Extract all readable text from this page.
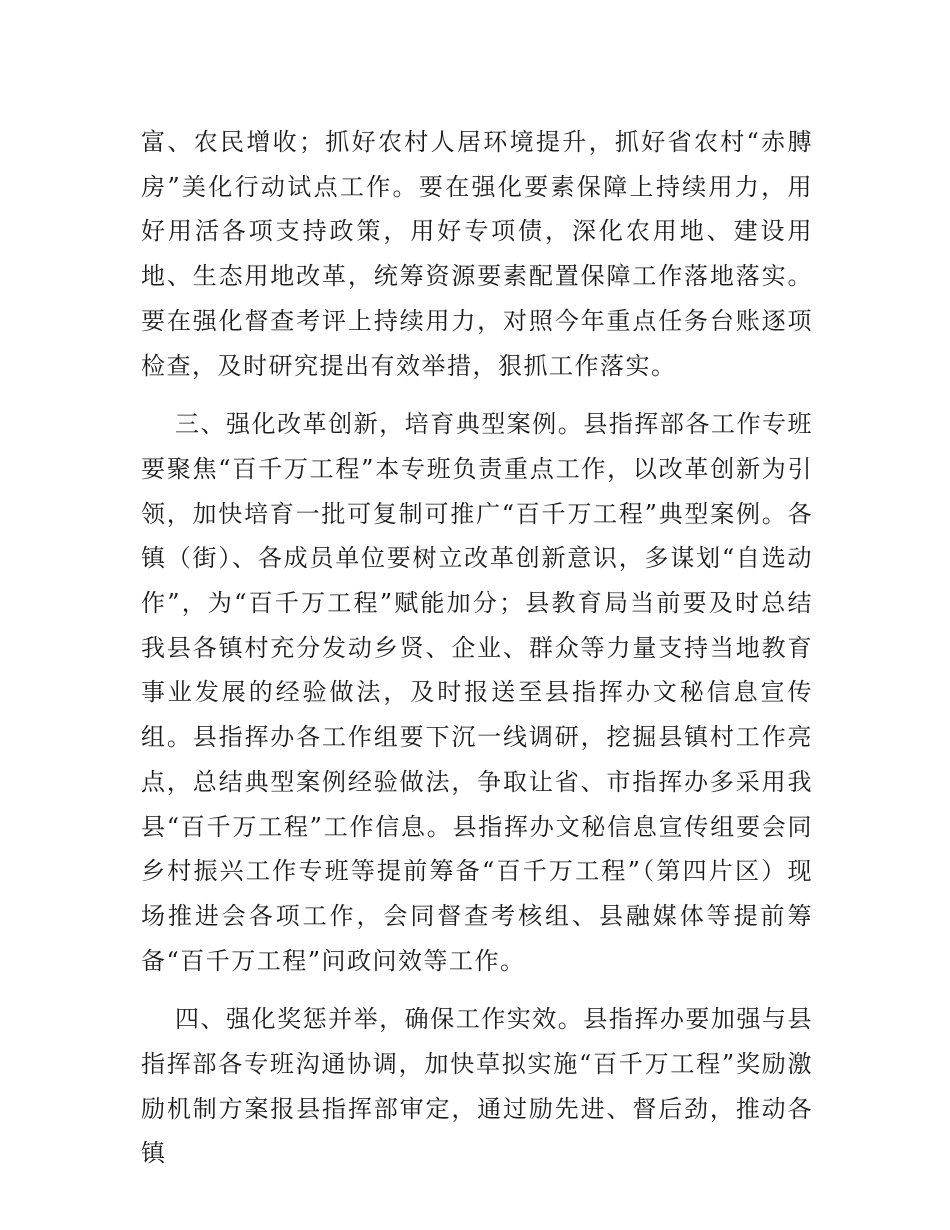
富、农民增收；抓好农村人居环境提升，抓好省农村“赤膊房”美化行动试点工作。要在强化要素保障上持续用力，用好用活各项支持政策，用好专项债，深化农用地、建设用地、生态用地改革，统筹资源要素配置保障工作落地落实。要在强化督查考评上持续用力，对照今年重点任务台账逐项检查，及时研究提出有效举措，狠抓工作落实。

三、强化改革创新，培育典型案例。县指挥部各工作专班要聚焦“百千万工程”本专班负责重点工作，以改革创新为引领，加快培育一批可复制可推广“百千万工程”典型案例。各镇（街）、各成员单位要树立改革创新意识，多谋划“自选动作”，为“百千万工程”赋能加分；县教育局当前要及时总结我县各镇村充分发动乡贤、企业、群众等力量支持当地教育事业发展的经验做法，及时报送至县指挥办文秘信息宣传组。县指挥办各工作组要下沉一线调研，挖掘县镇村工作亮点，总结典型案例经验做法，争取让省、市指挥办多采用我县“百千万工程”工作信息。县指挥办文秘信息宣传组要会同乡村振兴工作专班等提前筹备“百千万工程”（第四片区）现场推进会各项工作，会同督查考核组、县融媒体等提前筹备“百千万工程”问政问效等工作。

四、强化奖惩并举，确保工作实效。县指挥办要加强与县指挥部各专班沟通协调，加快草拟实施“百千万工程”奖励激励机制方案报县指挥部审定，通过励先进、督后劲，推动各镇
